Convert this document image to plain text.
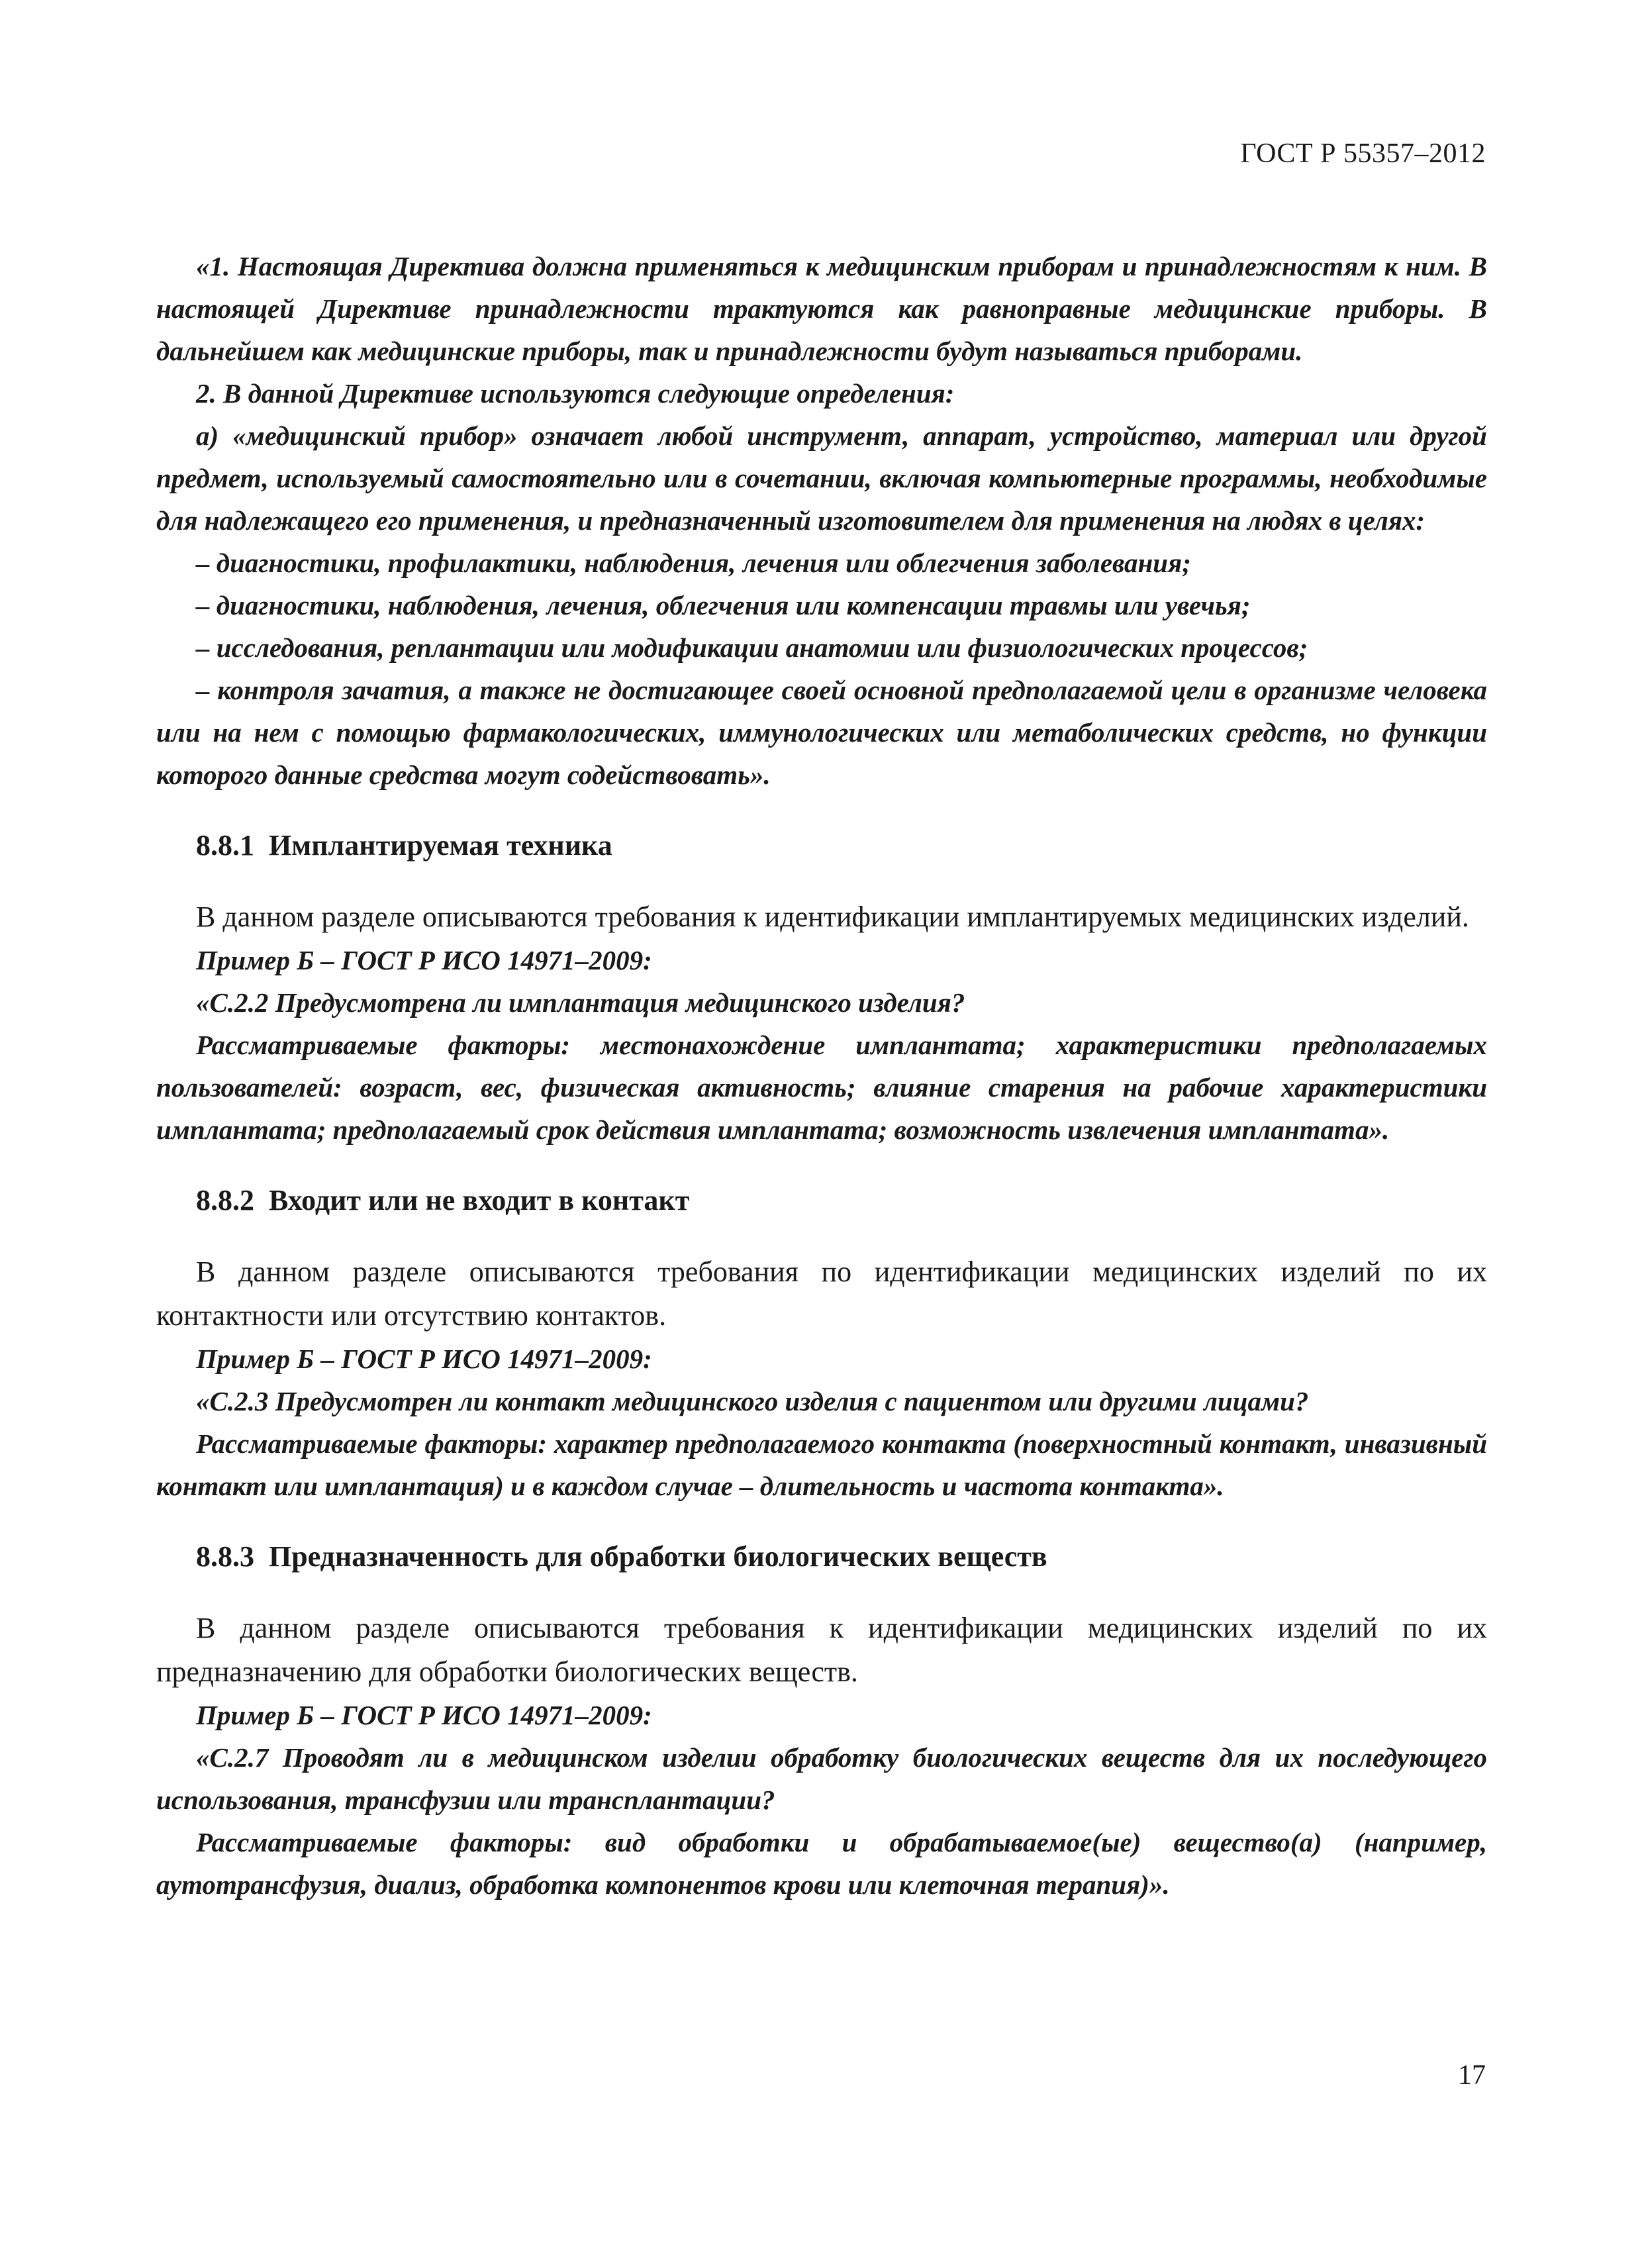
ГОСТ Р 55357–2012

«1. Настоящая Директива должна применяться к медицинским приборам и принадлежностям к ним. В настоящей Директиве принадлежности трактуются как равноправные медицинские приборы. В дальнейшем как медицинские приборы, так и принадлежности будут называться приборами.

2. В данной Директиве используются следующие определения:

а) «медицинский прибор» означает любой инструмент, аппарат, устройство, материал или другой предмет, используемый самостоятельно или в сочетании, включая компьютерные программы, необходимые для надлежащего его применения, и предназначенный изготовителем для применения на людях в целях:

– диагностики, профилактики, наблюдения, лечения или облегчения заболевания;

– диагностики, наблюдения, лечения, облегчения или компенсации травмы или увечья;

– исследования, реплантации или модификации анатомии или физиологических процессов;

– контроля зачатия, а также не достигающее своей основной предполагаемой цели в организме человека или на нем с помощью фармакологических, иммунологических или метаболических средств, но функции которого данные средства могут содействовать».

8.8.1 Имплантируемая техника

В данном разделе описываются требования к идентификации имплантируемых медицинских изделий.

Пример Б – ГОСТ Р ИСО 14971–2009:

«С.2.2 Предусмотрена ли имплантация медицинского изделия?

Рассматриваемые факторы: местонахождение имплантата; характеристики предполагаемых пользователей: возраст, вес, физическая активность; влияние старения на рабочие характеристики имплантата; предполагаемый срок действия имплантата; возможность извлечения имплантата».

8.8.2 Входит или не входит в контакт

В данном разделе описываются требования по идентификации медицинских изделий по их контактности или отсутствию контактов.

Пример Б – ГОСТ Р ИСО 14971–2009:

«С.2.3 Предусмотрен ли контакт медицинского изделия с пациентом или другими лицами?

Рассматриваемые факторы: характер предполагаемого контакта (поверхностный контакт, инвазивный контакт или имплантация) и в каждом случае – длительность и частота контакта».

8.8.3 Предназначенность для обработки биологических веществ

В данном разделе описываются требования к идентификации медицинских изделий по их предназначению для обработки биологических веществ.

Пример Б – ГОСТ Р ИСО 14971–2009:

«С.2.7 Проводят ли в медицинском изделии обработку биологических веществ для их последующего использования, трансфузии или трансплантации?

Рассматриваемые факторы: вид обработки и обрабатываемое(ые) вещество(а) (например, аутотрансфузия, диализ, обработка компонентов крови или клеточная терапия)».

17
